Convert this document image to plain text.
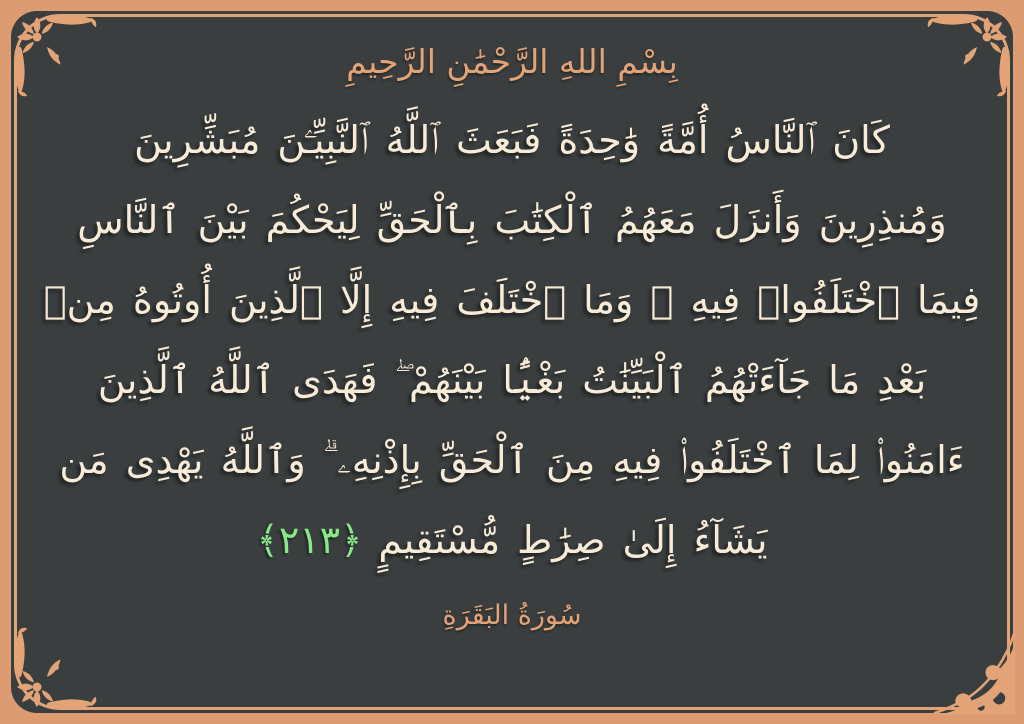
بِسْمِ اللهِ الرَّحْمَٰنِ الرَّحِيمِ
كَانَ ٱلنَّاسُ أُمَّةً وَٰحِدَةً فَبَعَثَ ٱللَّهُ ٱلنَّبِيِّـۧنَ مُبَشِّرِينَ
وَمُنذِرِينَ وَأَنزَلَ مَعَهُمُ ٱلْكِتَٰبَ بِٱلْحَقِّ لِيَحْكُمَ بَيْنَ ٱلنَّاسِ
فِيمَا ٱخْتَلَفُوا۟ فِيهِ ۚ وَمَا ٱخْتَلَفَ فِيهِ إِلَّا ٱلَّذِينَ أُوتُوهُ مِنۢ
بَعْدِ مَا جَآءَتْهُمُ ٱلْبَيِّنَٰتُ بَغْيًۢا بَيْنَهُمْ ۖ فَهَدَى ٱللَّهُ ٱلَّذِينَ
ءَامَنُوا۟ لِمَا ٱخْتَلَفُوا۟ فِيهِ مِنَ ٱلْحَقِّ بِإِذْنِهِۦ ۗ وَٱللَّهُ يَهْدِى مَن
يَشَآءُ إِلَىٰ صِرَٰطٍ مُّسْتَقِيمٍ﴿٢١٣﴾
سُورَةُ البَقَرَةِ
